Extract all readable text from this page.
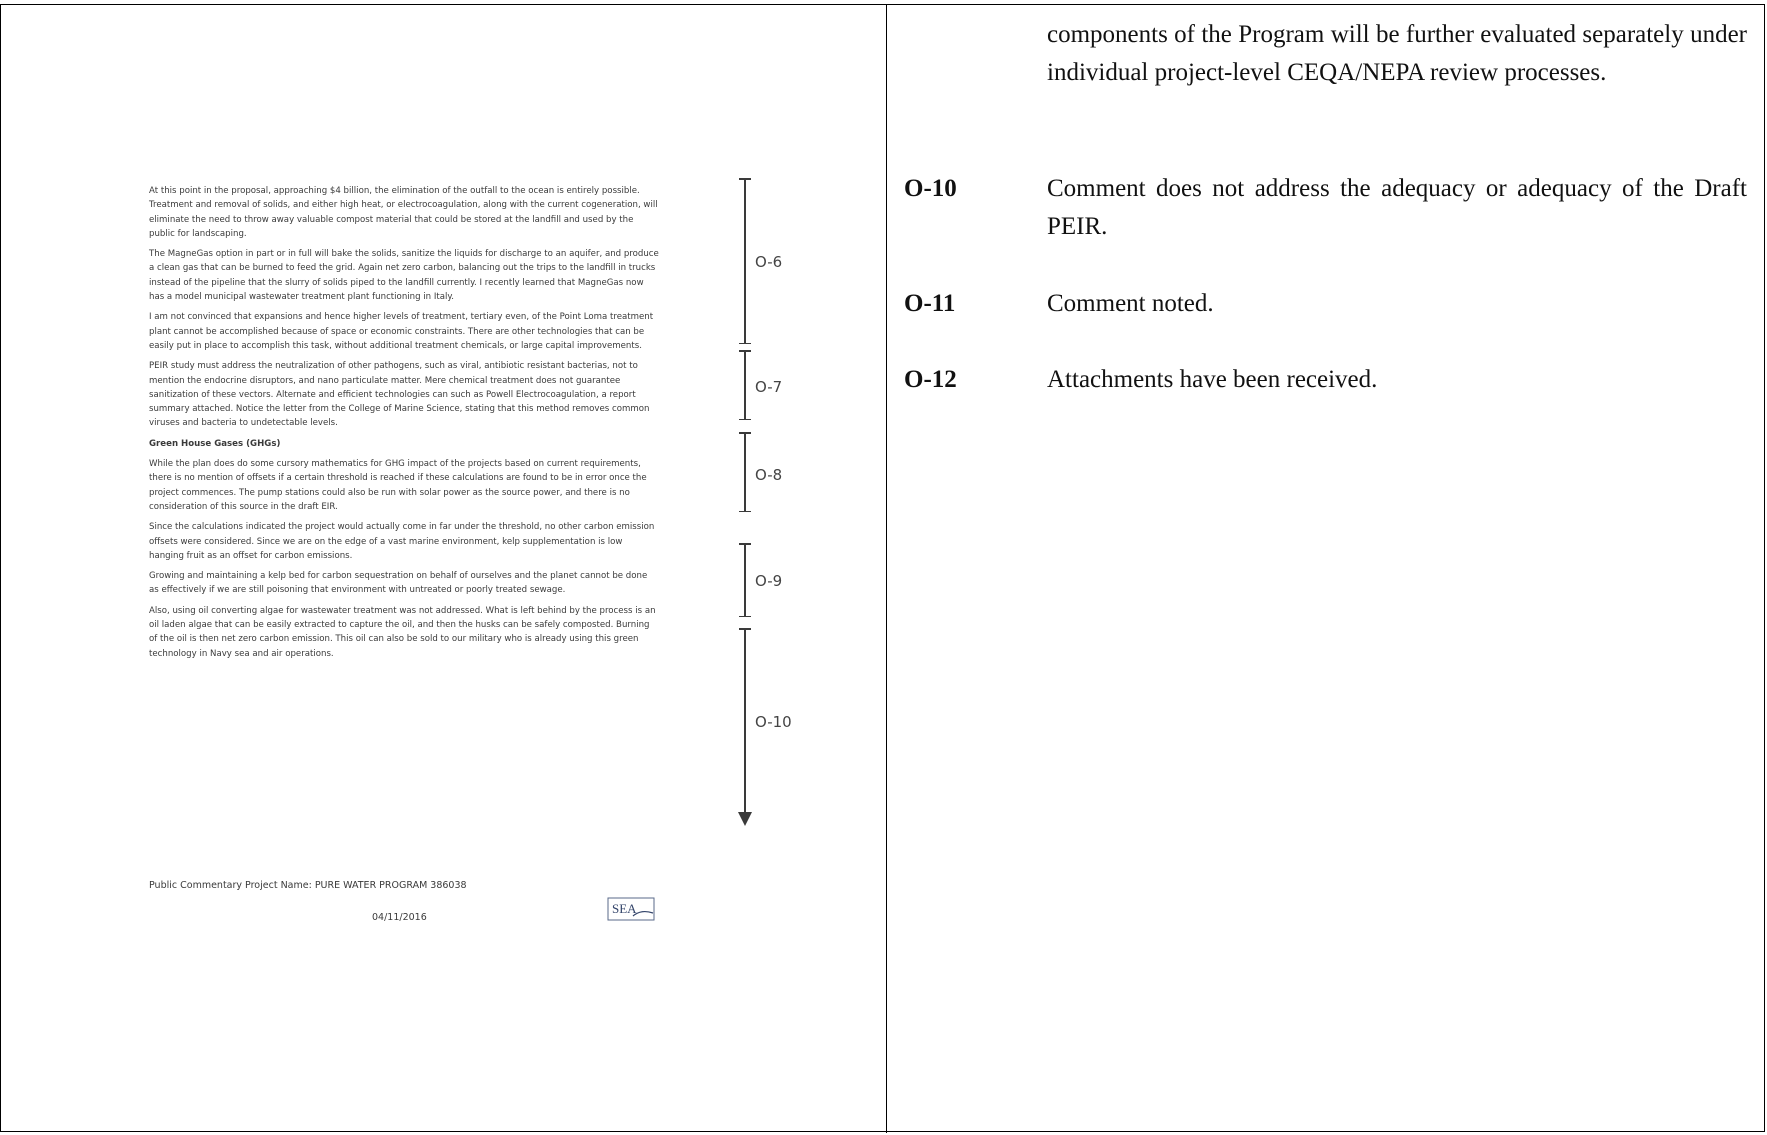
At this point in the proposal, approaching $4 billion, the elimination of the outfall to the ocean is entirely possible. Treatment and removal of solids, and either high heat, or electrocoagulation, along with the current cogeneration, will eliminate the need to throw away valuable compost material that could be stored at the landfill and used by the public for landscaping.

The MagneGas option in part or in full will bake the solids, sanitize the liquids for discharge to an aquifer, and produce a clean gas that can be burned to feed the grid. Again net zero carbon, balancing out the trips to the landfill in trucks instead of the pipeline that the slurry of solids piped to the landfill currently. I recently learned that MagneGas now has a model municipal wastewater treatment plant functioning in Italy.

I am not convinced that expansions and hence higher levels of treatment, tertiary even, of the Point Loma treatment plant cannot be accomplished because of space or economic constraints. There are other technologies that can be easily put in place to accomplish this task, without additional treatment chemicals, or large capital improvements.

PEIR study must address the neutralization of other pathogens, such as viral, antibiotic resistant bacterias, not to mention the endocrine disruptors, and nano particulate matter. Mere chemical treatment does not guarantee sanitization of these vectors. Alternate and efficient technologies can such as Powell Electrocoagulation, a report summary attached. Notice the letter from the College of Marine Science, stating that this method removes common viruses and bacteria to undetectable levels.

Green House Gases (GHGs)

While the plan does do some cursory mathematics for GHG impact of the projects based on current requirements, there is no mention of offsets if a certain threshold is reached if these calculations are found to be in error once the project commences. The pump stations could also be run with solar power as the source power, and there is no consideration of this source in the draft EIR.

Since the calculations indicated the project would actually come in far under the threshold, no other carbon emission offsets were considered. Since we are on the edge of a vast marine environment, kelp supplementation is low hanging fruit as an offset for carbon emissions.

Growing and maintaining a kelp bed for carbon sequestration on behalf of ourselves and the planet cannot be done as effectively if we are still poisoning that environment with untreated or poorly treated sewage.

Also, using oil converting algae for wastewater treatment was not addressed. What is left behind by the process is an oil laden algae that can be easily extracted to capture the oil, and then the husks can be safely composted. Burning of the oil is then net zero carbon emission. This oil can also be sold to our military who is already using this green technology in Navy sea and air operations.

O-6
O-7
O-8
O-9
O-10
Public Commentary Project Name: PURE WATER PROGRAM 386038
04/11/2016
SEA
components of the Program will be further evaluated separately under individual project-level CEQA/NEPA review processes.
O-10	Comment does not address the adequacy or adequacy of the Draft PEIR.
O-11	Comment noted.
O-12	Attachments have been received.
